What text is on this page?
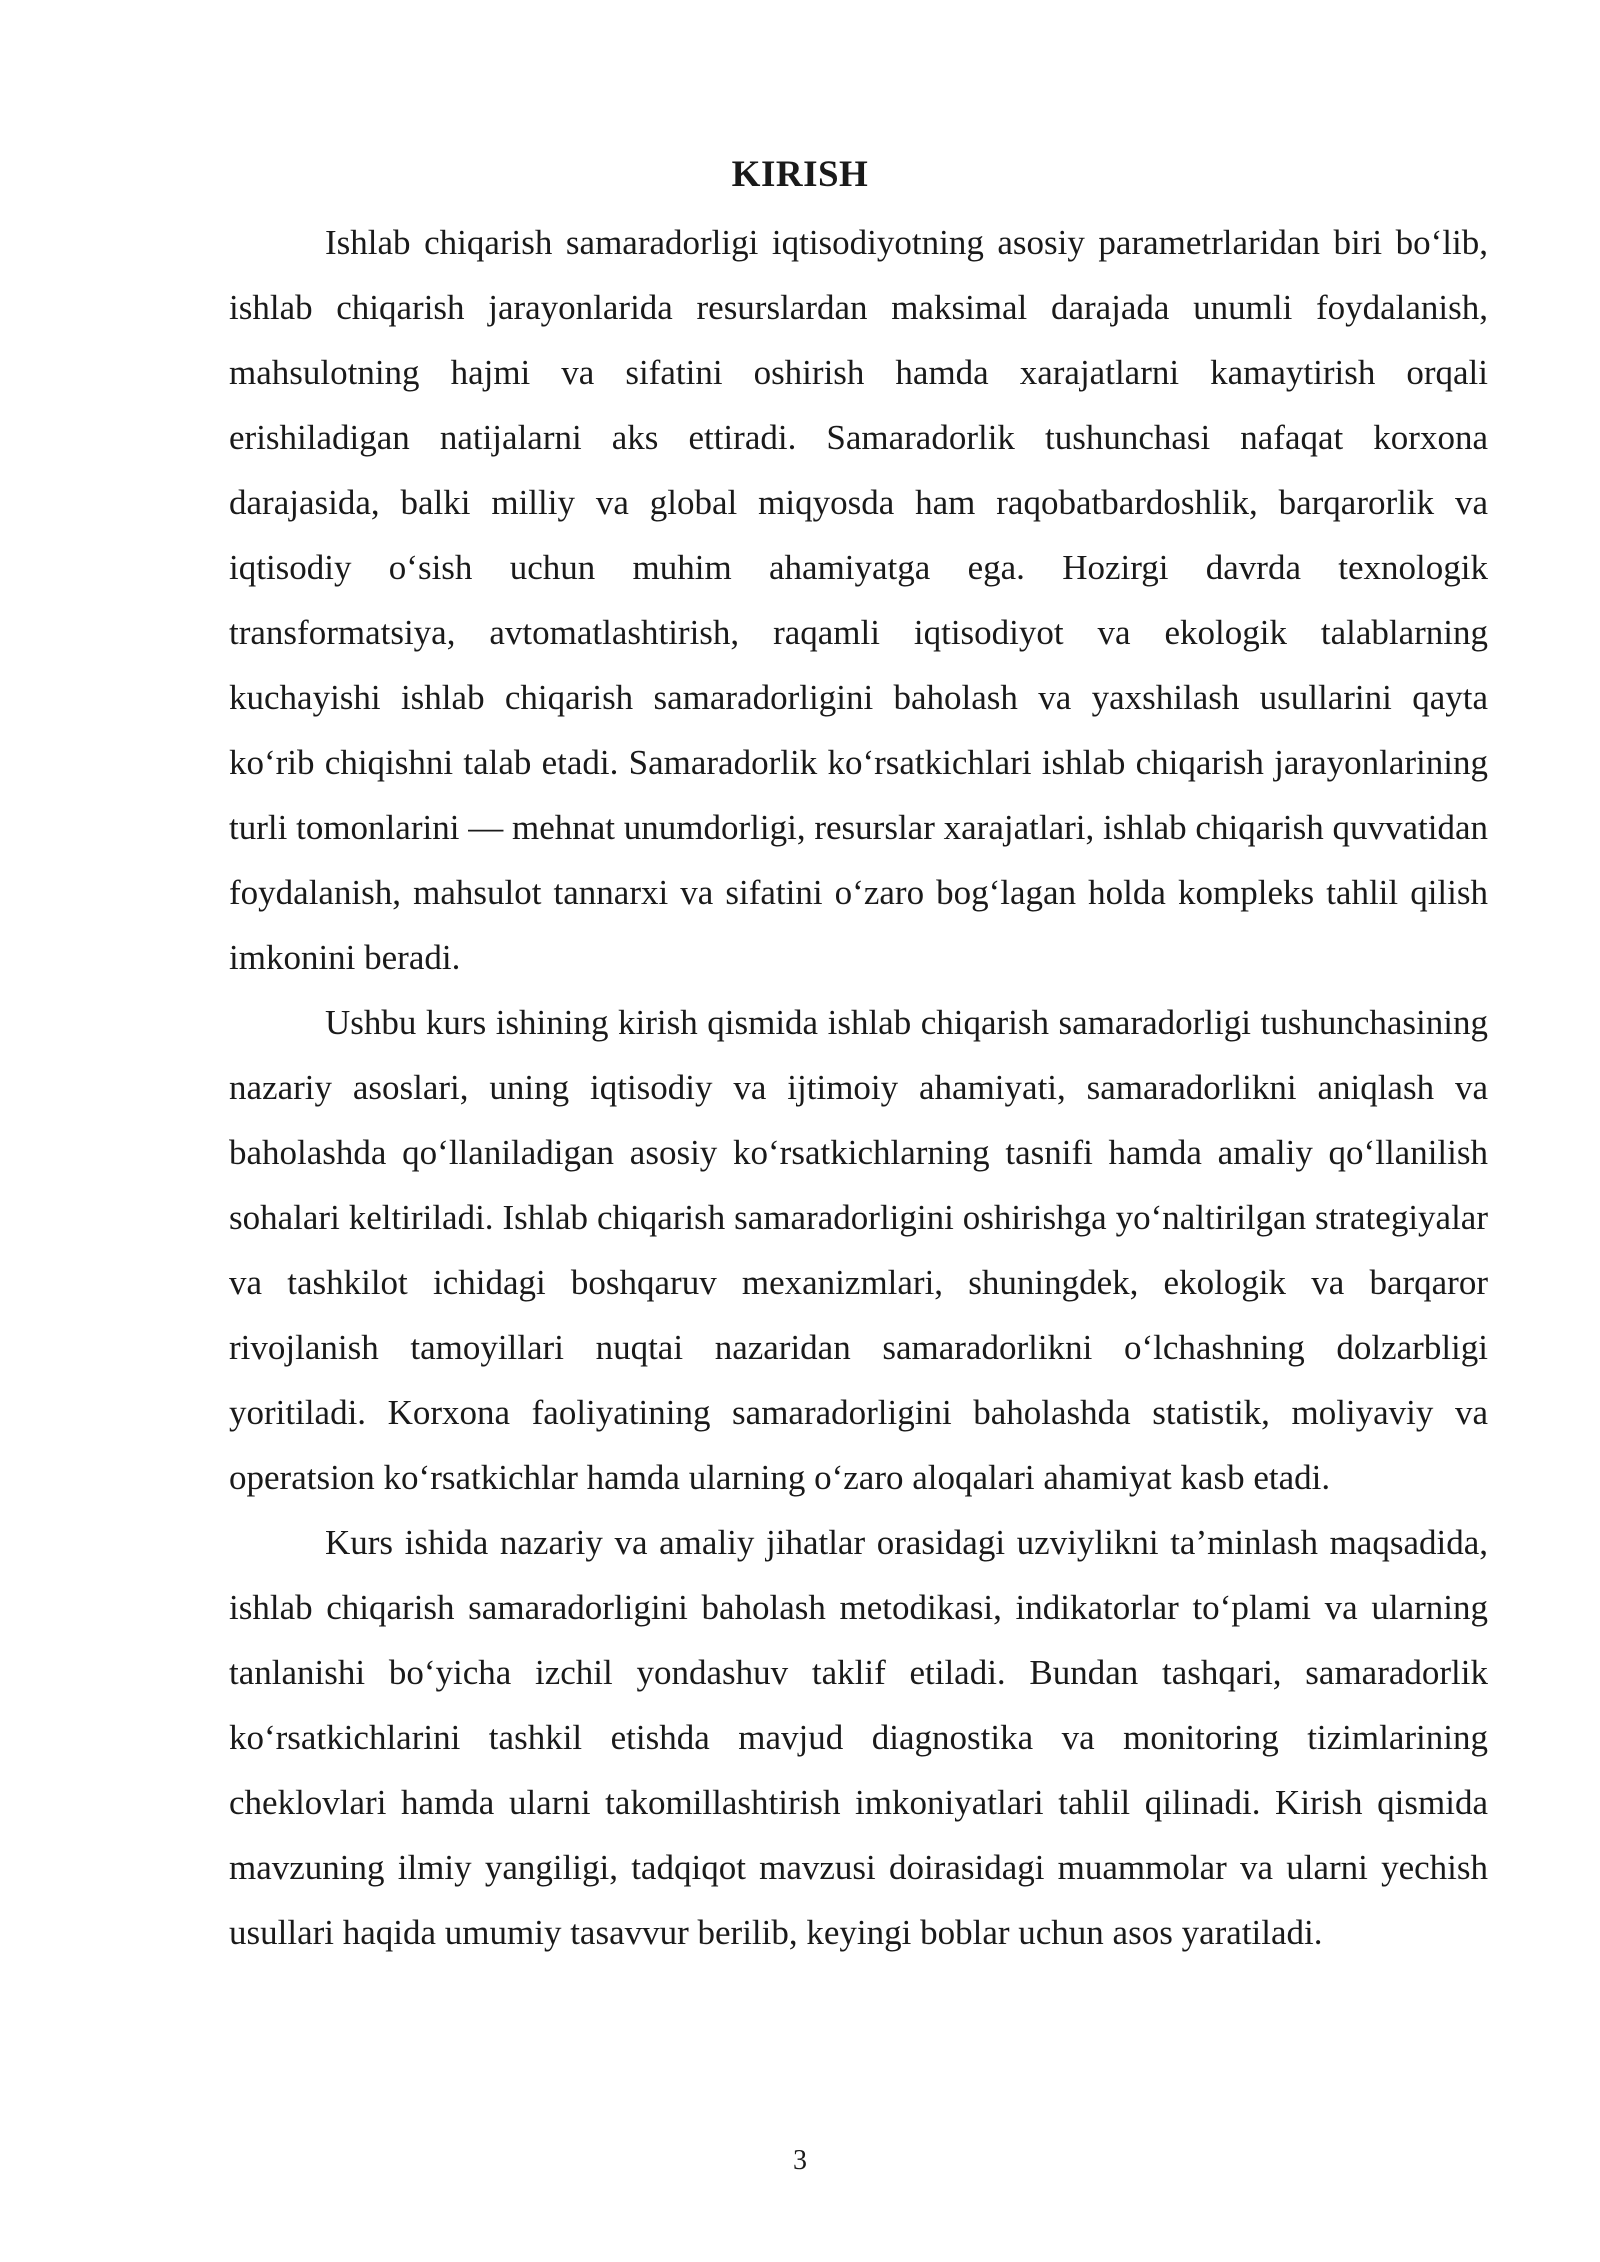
KIRISH

Ishlab chiqarish samaradorligi iqtisodiyotning asosiy parametrlaridan biri bo‘lib, ishlab chiqarish jarayonlarida resurslardan maksimal darajada unumli foydalanish, mahsulotning hajmi va sifatini oshirish hamda xarajatlarni kamaytirish orqali erishiladigan natijalarni aks ettiradi. Samaradorlik tushunchasi nafaqat korxona darajasida, balki milliy va global miqyosda ham raqobatbardoshlik, barqarorlik va iqtisodiy o‘sish uchun muhim ahamiyatga ega. Hozirgi davrda texnologik transformatsiya, avtomatlashtirish, raqamli iqtisodiyot va ekologik talablarning kuchayishi ishlab chiqarish samaradorligini baholash va yaxshilash usullarini qayta ko‘rib chiqishni talab etadi. Samaradorlik ko‘rsatkichlari ishlab chiqarish jarayonlarining turli tomonlarini — mehnat unumdorligi, resurslar xarajatlari, ishlab chiqarish quvvatidan foydalanish, mahsulot tannarxi va sifatini o‘zaro bog‘lagan holda kompleks tahlil qilish imkonini beradi.

Ushbu kurs ishining kirish qismida ishlab chiqarish samaradorligi tushunchasining nazariy asoslari, uning iqtisodiy va ijtimoiy ahamiyati, samaradorlikni aniqlash va baholashda qo‘llaniladigan asosiy ko‘rsatkichlarning tasnifi hamda amaliy qo‘llanilish sohalari keltiriladi. Ishlab chiqarish samaradorligini oshirishga yo‘naltirilgan strategiyalar va tashkilot ichidagi boshqaruv mexanizmlari, shuningdek, ekologik va barqaror rivojlanish tamoyillari nuqtai nazaridan samaradorlikni o‘lchashning dolzarbligi yoritiladi. Korxona faoliyatining samaradorligini baholashda statistik, moliyaviy va operatsion ko‘rsatkichlar hamda ularning o‘zaro aloqalari ahamiyat kasb etadi.

Kurs ishida nazariy va amaliy jihatlar orasidagi uzviylikni ta’minlash maqsadida, ishlab chiqarish samaradorligini baholash metodikasi, indikatorlar to‘plami va ularning tanlanishi bo‘yicha izchil yondashuv taklif etiladi. Bundan tashqari, samaradorlik ko‘rsatkichlarini tashkil etishda mavjud diagnostika va monitoring tizimlarining cheklovlari hamda ularni takomillashtirish imkoniyatlari tahlil qilinadi. Kirish qismida mavzuning ilmiy yangiligi, tadqiqot mavzusi doirasidagi muammolar va ularni yechish usullari haqida umumiy tasavvur berilib, keyingi boblar uchun asos yaratiladi.

3
